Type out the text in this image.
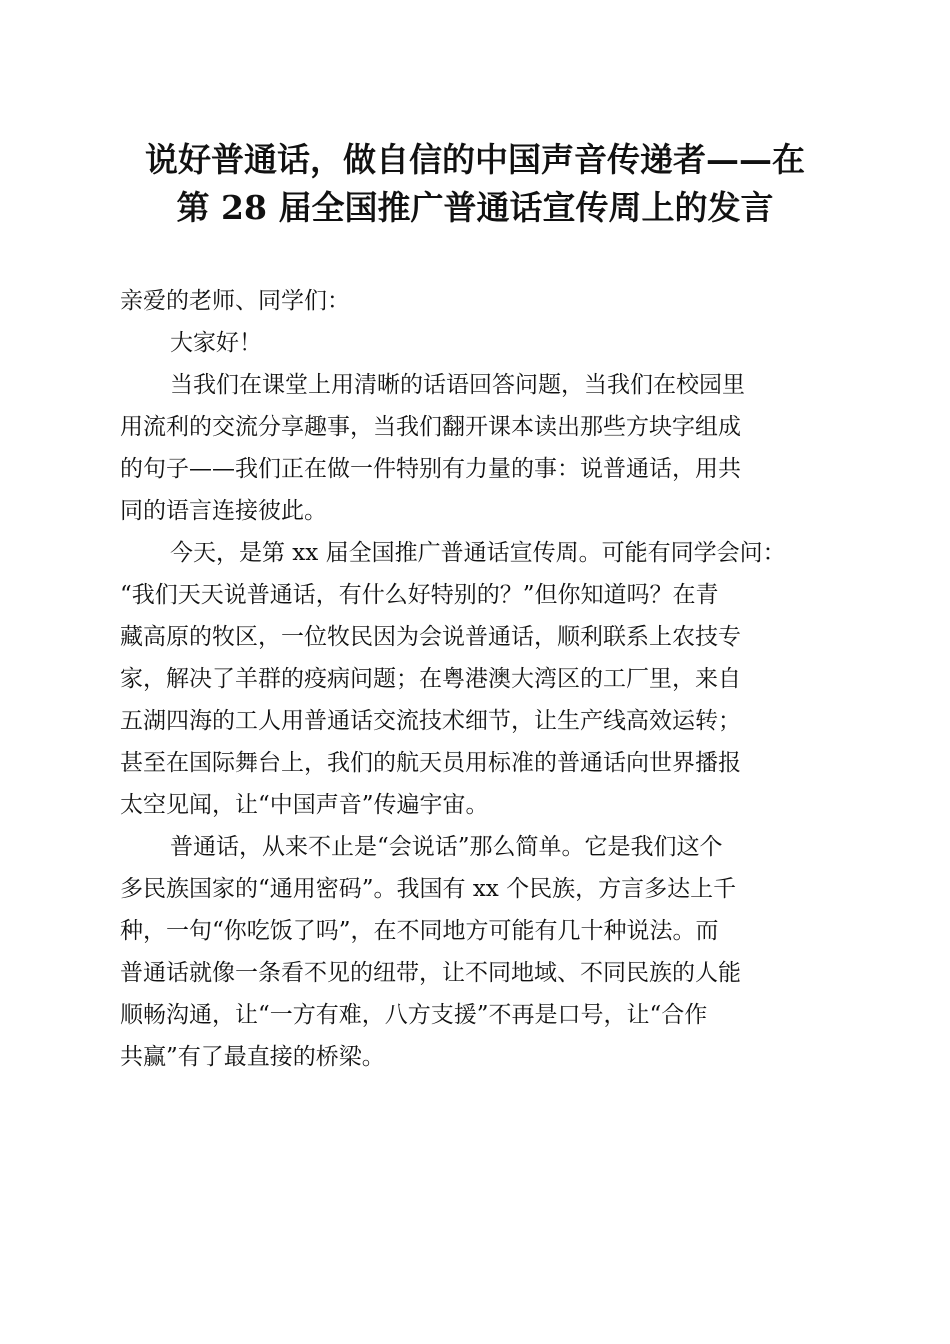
说好普通话，做自信的中国声音传递者——在
第 28 届全国推广普通话宣传周上的发言
亲爱的老师、同学们：
大家好！
当我们在课堂上用清晰的话语回答问题，当我们在校园里
用流利的交流分享趣事，当我们翻开课本读出那些方块字组成
的句子——我们正在做一件特别有力量的事：说普通话，用共
同的语言连接彼此。
今天，是第 xx 届全国推广普通话宣传周。可能有同学会问：
“我们天天说普通话，有什么好特别的？”但你知道吗？在青
藏高原的牧区，一位牧民因为会说普通话，顺利联系上农技专
家，解决了羊群的疫病问题；在粤港澳大湾区的工厂里，来自
五湖四海的工人用普通话交流技术细节，让生产线高效运转；
甚至在国际舞台上，我们的航天员用标准的普通话向世界播报
太空见闻，让“中国声音”传遍宇宙。
普通话，从来不止是“会说话”那么简单。它是我们这个
多民族国家的“通用密码”。我国有 xx 个民族，方言多达上千
种，一句“你吃饭了吗”，在不同地方可能有几十种说法。而
普通话就像一条看不见的纽带，让不同地域、不同民族的人能
顺畅沟通，让“一方有难，八方支援”不再是口号，让“合作
共赢”有了最直接的桥梁。
